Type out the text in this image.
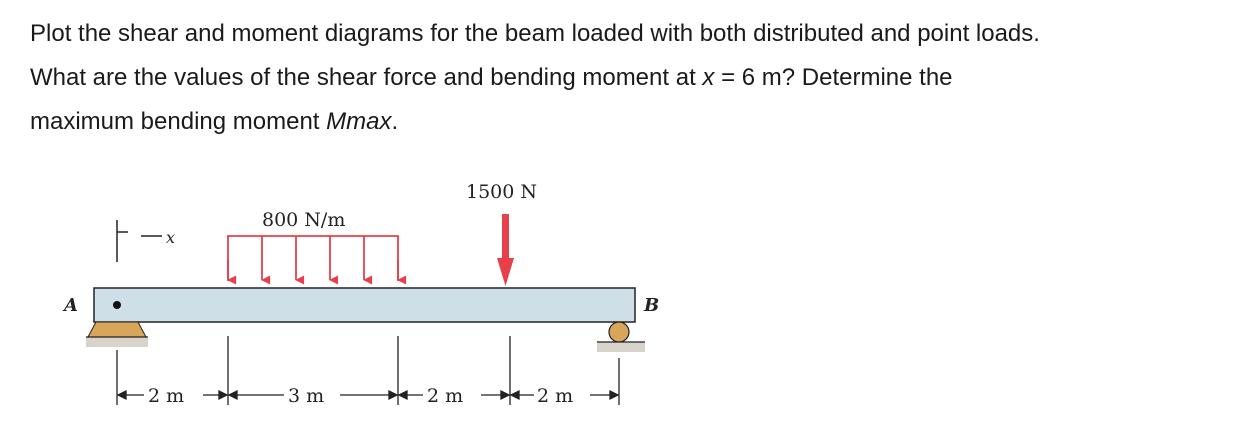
Plot the shear and moment diagrams for the beam loaded with both distributed and point loads.

What are the values of the shear force and bending moment at x = 6 m? Determine the

maximum bending moment Mmax.

x
800 N/m
1500 N
A	B
2 m	3 m	2 m	2 m
